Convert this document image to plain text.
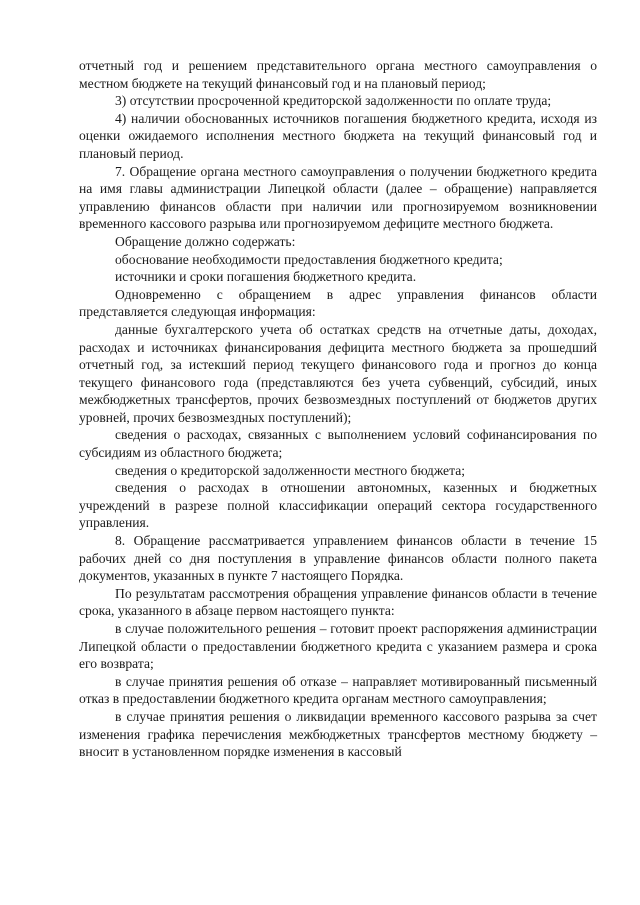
отчетный год и решением представительного органа местного самоуправления о местном бюджете на текущий финансовый год и на плановый период;

3) отсутствии просроченной кредиторской задолженности по оплате труда;

4) наличии обоснованных источников погашения бюджетного кредита, исходя из оценки ожидаемого исполнения местного бюджета на текущий финансовый год и плановый период.

7. Обращение органа местного самоуправления о получении бюджетного кредита на имя главы администрации Липецкой области (далее – обращение) направляется управлению финансов области при наличии или прогнозируемом возникновении временного кассового разрыва или прогнозируемом дефиците местного бюджета.

Обращение должно содержать:

обоснование необходимости предоставления бюджетного кредита;

источники и сроки погашения бюджетного кредита.

Одновременно с обращением в адрес управления финансов области представляется следующая информация:

данные бухгалтерского учета об остатках средств на отчетные даты, доходах, расходах и источниках финансирования дефицита местного бюджета за прошедший отчетный год, за истекший период текущего финансового года и прогноз до конца текущего финансового года (представляются без учета субвенций, субсидий, иных межбюджетных трансфертов, прочих безвозмездных поступлений от бюджетов других уровней, прочих безвозмездных поступлений);

сведения о расходах, связанных с выполнением условий софинансирования по субсидиям из областного бюджета;

сведения о кредиторской задолженности местного бюджета;

сведения о расходах в отношении автономных, казенных и бюджетных учреждений в разрезе полной классификации операций сектора государственного управления.

8. Обращение рассматривается управлением финансов области в течение 15 рабочих дней со дня поступления в управление финансов области полного пакета документов, указанных в пункте 7 настоящего Порядка.

По результатам рассмотрения обращения управление финансов области в течение срока, указанного в абзаце первом настоящего пункта:

в случае положительного решения – готовит проект распоряжения администрации Липецкой области о предоставлении бюджетного кредита с указанием размера и срока его возврата;

в случае принятия решения об отказе – направляет мотивированный письменный отказ в предоставлении бюджетного кредита органам местного самоуправления;

в случае принятия решения о ликвидации временного кассового разрыва за счет изменения графика перечисления межбюджетных трансфертов местному бюджету – вносит в установленном порядке изменения в кассовый
